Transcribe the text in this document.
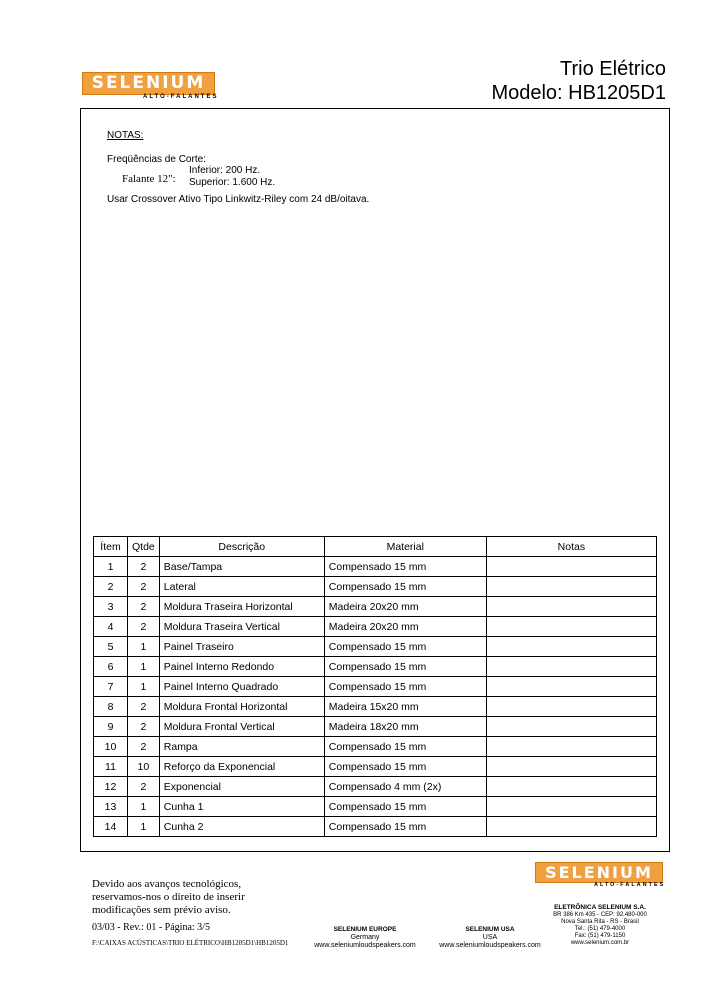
SELENIUM
ALTO-FALANTES
Trio Elétrico
Modelo: HB1205D1
NOTAS:
Freqüências de Corte:
Falante 12":
Inferior: 200 Hz.
Superior: 1.600 Hz.
Usar Crossover Ativo Tipo Linkwitz-Riley com 24 dB/oitava.
Ítem	Qtde	Descrição	Material	Notas
1	2	Base/Tampa	Compensado 15 mm	
2	2	Lateral	Compensado 15 mm	
3	2	Moldura Traseira Horizontal	Madeira 20x20 mm	
4	2	Moldura Traseira Vertical	Madeira 20x20 mm	
5	1	Painel Traseiro	Compensado 15 mm	
6	1	Painel Interno Redondo	Compensado 15 mm	
7	1	Painel Interno Quadrado	Compensado 15 mm	
8	2	Moldura Frontal Horizontal	Madeira 15x20 mm	
9	2	Moldura Frontal Vertical	Madeira 18x20 mm	
10	2	Rampa	Compensado 15 mm	
11	10	Reforço da Exponencial	Compensado 15 mm	
12	2	Exponencial	Compensado 4 mm (2x)	
13	1	Cunha 1	Compensado 15 mm	
14	1	Cunha 2	Compensado 15 mm	
Devido aos avanços tecnológicos,
reservamos-nos o direito de inserir
modificações sem prévio aviso.
03/03 - Rev.: 01 - Página: 3/5
F:\CAIXAS ACÚSTICAS\TRIO ELÉTRICO\HB1205D1\HB1205D1
SELENIUM EUROPE
Germany
www.seleniumloudspeakers.com
SELENIUM USA
USA
www.seleniumloudspeakers.com
SELENIUM
ALTO-FALANTES
ELETRÔNICA SELENIUM S.A.
BR 386 Km 435 - CEP: 92.480-000
Nova Santa Rita - RS - Brasil
Tel.: (51) 479-4000
Fax: (51) 479-1150
www.selenium.com.br
